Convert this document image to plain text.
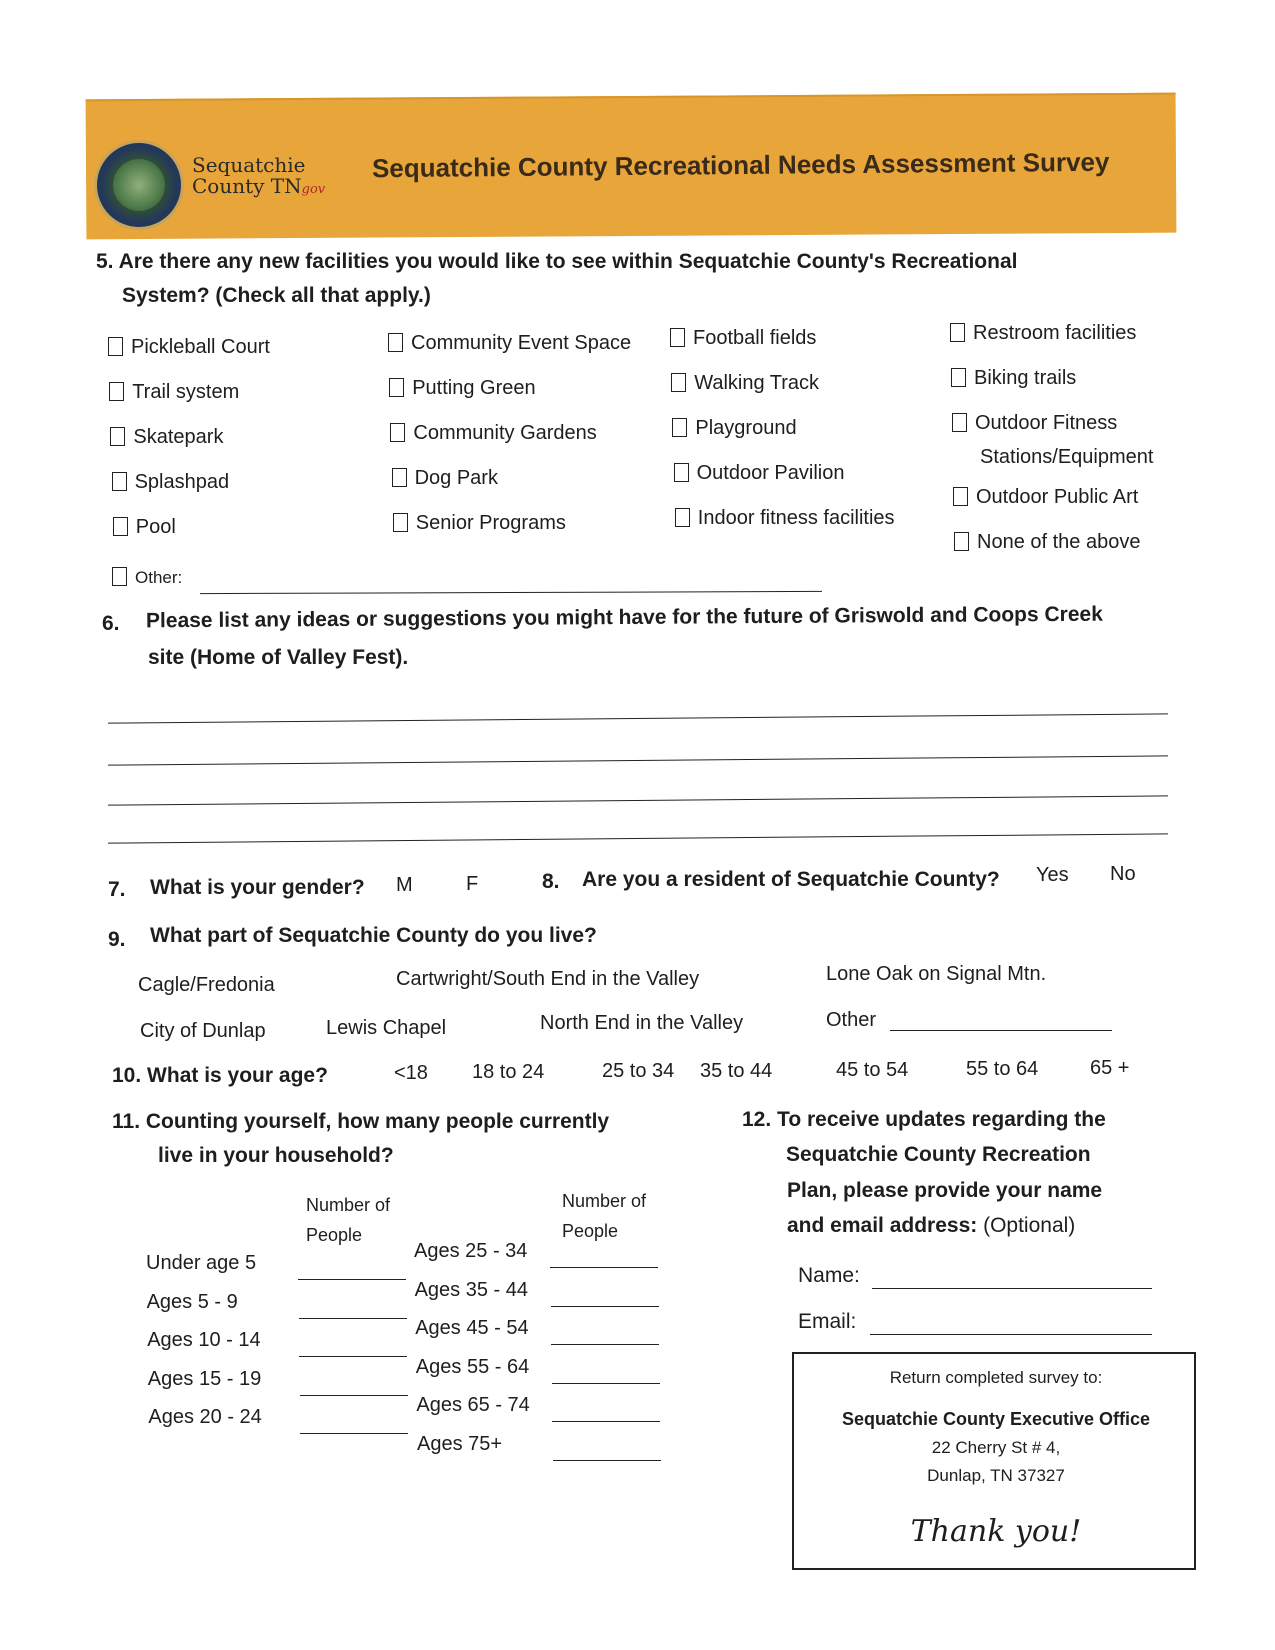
Sequatchie
County TNgov
Sequatchie County Recreational Needs Assessment Survey
5. Are there any new facilities you would like to see within Sequatchie County's Recreational
System? (Check all that apply.)
Pickleball Court
Trail system
Skatepark
Splashpad
Pool
Community Event Space
Putting Green
Community Gardens
Dog Park
Senior Programs
Football fields
Walking Track
Playground
Outdoor Pavilion
Indoor fitness facilities
Restroom facilities
Biking trails
Outdoor Fitness
Stations/Equipment
Outdoor Public Art
None of the above
Other:
6. Please list any ideas or suggestions you might have for the future of Griswold and Coops Creek
site (Home of Valley Fest).
7. What is your gender? M	F	8. Are you a resident of Sequatchie County? Yes No
9. What part of Sequatchie County do you live?
Cagle/Fredonia	Cartwright/South End in the Valley	Lone Oak on Signal Mtn.
City of Dunlap	Lewis Chapel	North End in the Valley	Other
10. What is your age?	<18 18 to 24	25 to 34 35 to 44	45 to 54	55 to 64	65 +
11. Counting yourself, how many people currently
live in your household?
Number of
People
Number of
People
Under age 5
Ages 5 - 9
Ages 10 - 14
Ages 15 - 19
Ages 20 - 24
Ages 25 - 34
Ages 35 - 44
Ages 45 - 54
Ages 55 - 64
Ages 65 - 74
Ages 75+
12. To receive updates regarding the
Sequatchie County Recreation
Plan, please provide your name
and email address: (Optional)
Name:
Email:
Return completed survey to:
Sequatchie County Executive Office
22 Cherry St # 4,
Dunlap, TN 37327
Thank you!
